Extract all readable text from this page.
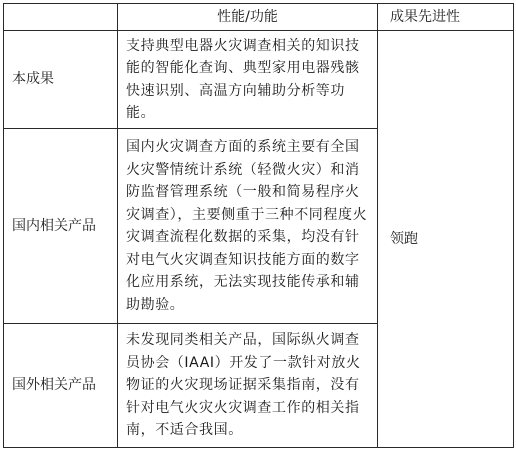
	性能/功能	成果先进性
本成果	支持典型电器火灾调查相关的知识技能的智能化查询、典型家用电器残骸快速识别、高温方向辅助分析等功能。	领跑
国内相关产品	国内火灾调查方面的系统主要有全国火灾警情统计系统（轻微火灾）和消防监督管理系统（一般和简易程序火灾调查），主要侧重于三种不同程度火灾调查流程化数据的采集，均没有针对电气火灾调查知识技能方面的数字化应用系统，无法实现技能传承和辅助勘验。	
国外相关产品	未发现同类相关产品，国际纵火调查员协会（IAAI）开发了一款针对放火物证的火灾现场证据采集指南，没有针对电气火灾火灾调查工作的相关指南，不适合我国。	
